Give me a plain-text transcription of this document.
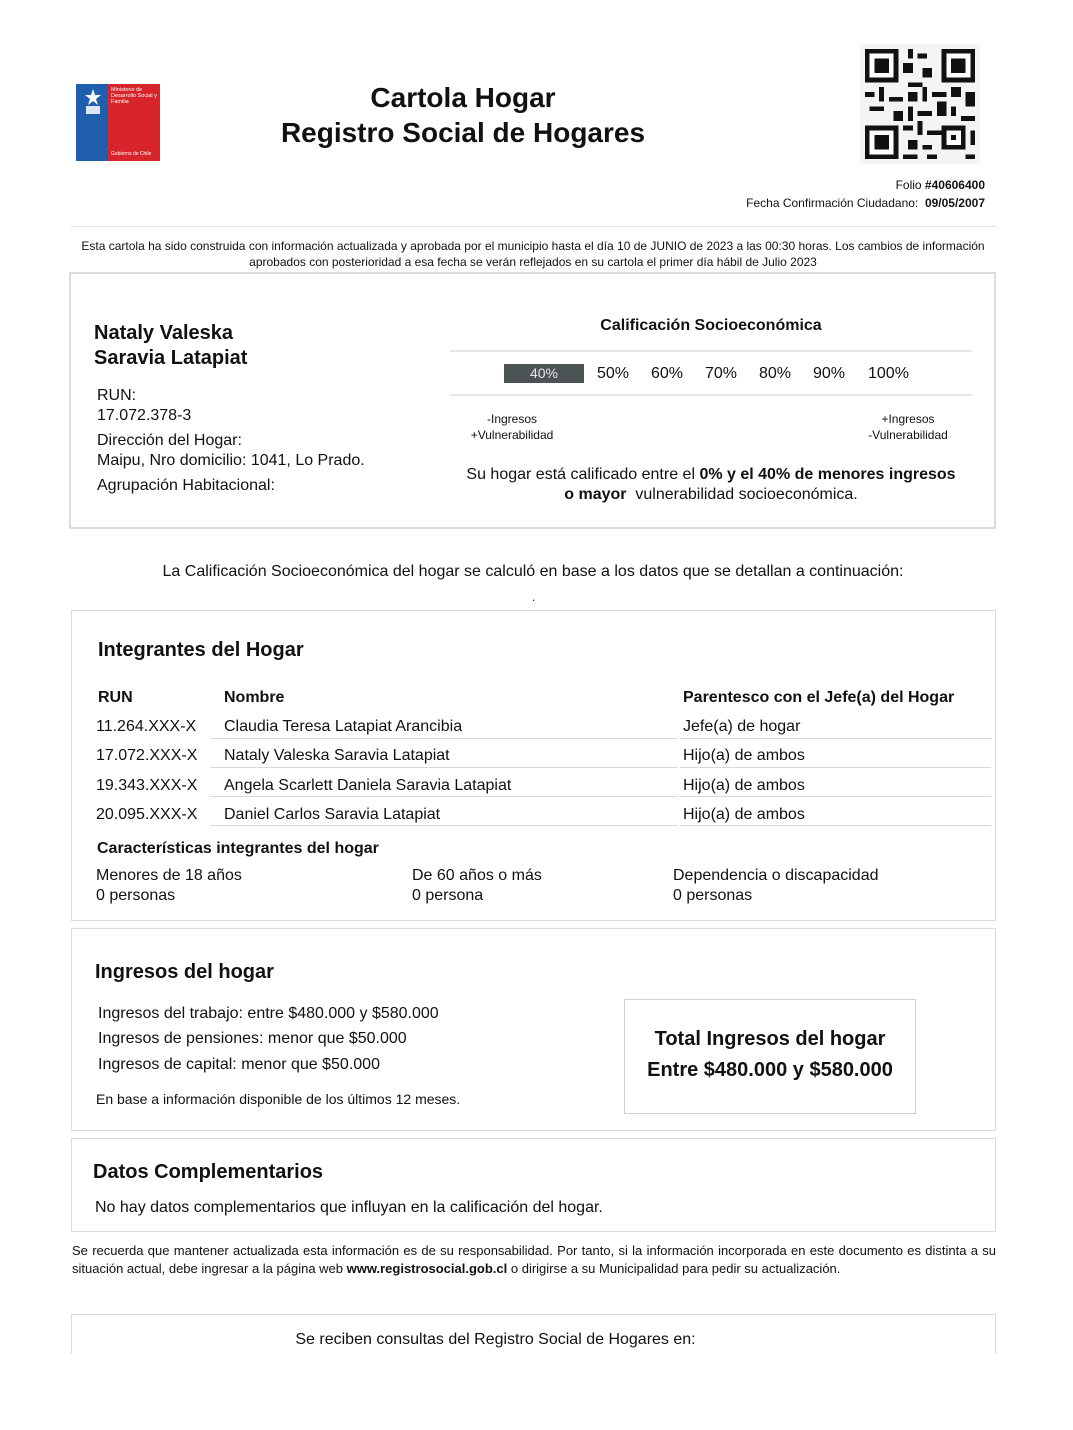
Ministerio de Desarrollo Social y Familia
Gobierno de Chile
Cartola Hogar
Registro Social de Hogares
Folio #40606400
Fecha Confirmación Ciudadano: 09/05/2007
Esta cartola ha sido construida con información actualizada y aprobada por el municipio hasta el día 10 de JUNIO de 2023 a las 00:30 horas. Los cambios de información aprobados con posterioridad a esa fecha se verán reflejados en su cartola el primer día hábil de Julio 2023
Nataly Valeska
Saravia Latapiat
RUN:
17.072.378-3
Dirección del Hogar:
Maipu, Nro domicilio: 1041, Lo Prado.
Agrupación Habitacional:
Calificación Socioeconómica
40%	50% 60% 70% 80% 90% 100%
-Ingresos
+Vulnerabilidad
+Ingresos
-Vulnerabilidad
Su hogar está calificado entre el 0% y el 40% de menores ingresos
o mayor vulnerabilidad socioeconómica.
La Calificación Socioeconómica del hogar se calculó en base a los datos que se detallan a continuación:
.
Integrantes del Hogar
RUN	Nombre	Parentesco con el Jefe(a) del Hogar
11.264.XXX-X Claudia Teresa Latapiat Arancibia	Jefe(a) de hogar
17.072.XXX-X Nataly Valeska Saravia Latapiat	Hijo(a) de ambos
19.343.XXX-X Angela Scarlett Daniela Saravia Latapiat	Hijo(a) de ambos
20.095.XXX-X Daniel Carlos Saravia Latapiat	Hijo(a) de ambos
Características integrantes del hogar
Menores de 18 años
0 personas
De 60 años o más
0 persona
Dependencia o discapacidad
0 personas
Ingresos del hogar
Ingresos del trabajo: entre $480.000 y $580.000
Ingresos de pensiones: menor que $50.000
Ingresos de capital: menor que $50.000
En base a información disponible de los últimos 12 meses.
Total Ingresos del hogar
Entre $480.000 y $580.000
Datos Complementarios
No hay datos complementarios que influyan en la calificación del hogar.
Se recuerda que mantener actualizada esta información es de su responsabilidad. Por tanto, si la información incorporada en este documento es distinta a su situación actual, debe ingresar a la página web www.registrosocial.gob.cl o dirigirse a su Municipalidad para pedir su actualización.
Se reciben consultas del Registro Social de Hogares en:
